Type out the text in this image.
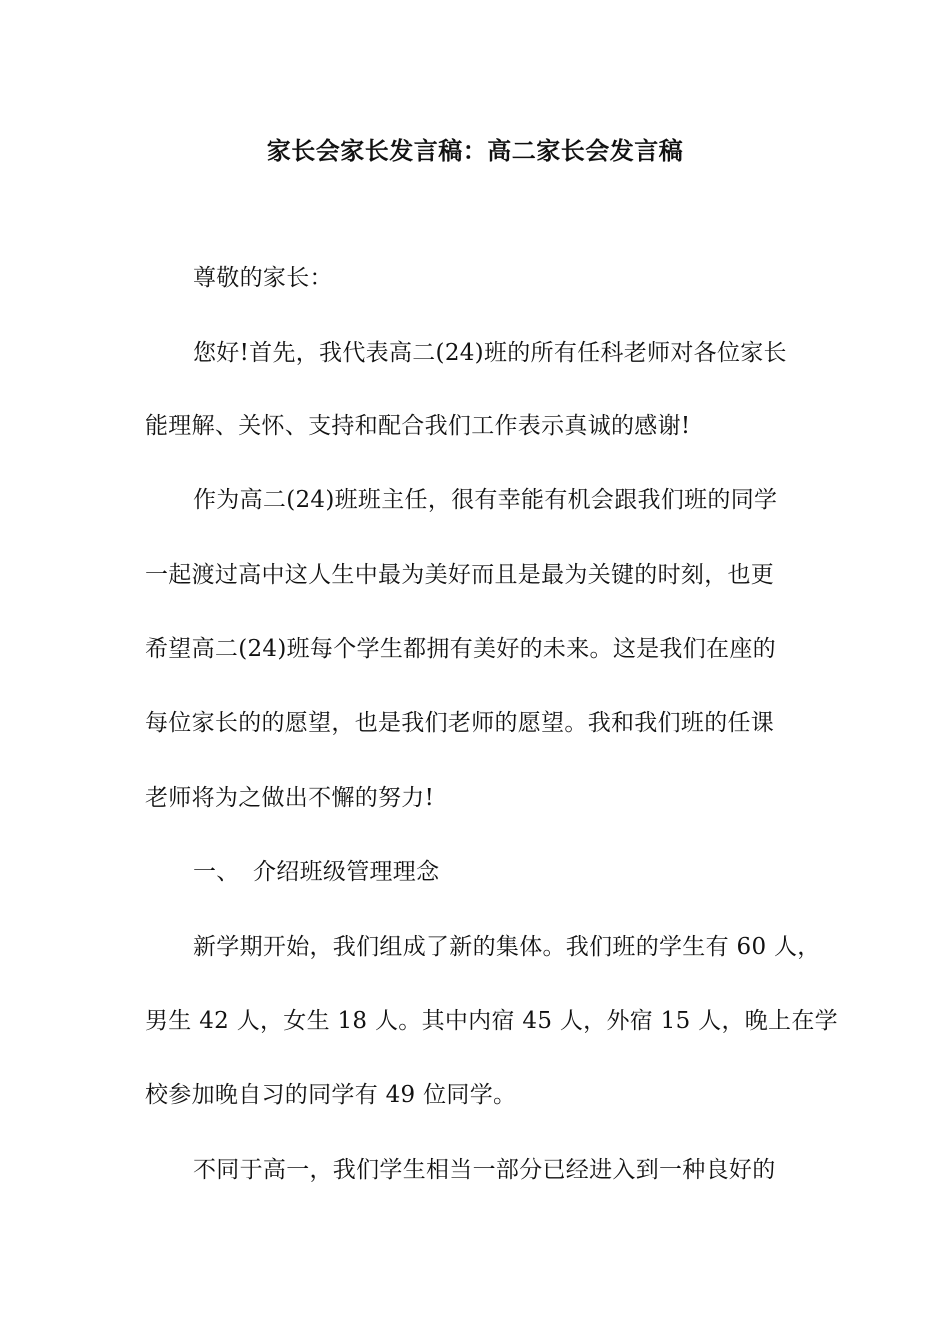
家长会家长发言稿：高二家长会发言稿
尊敬的家长：
您好!首先，我代表高二(24)班的所有任科老师对各位家长
能理解、关怀、支持和配合我们工作表示真诚的感谢!
作为高二(24)班班主任，很有幸能有机会跟我们班的同学
一起渡过高中这人生中最为美好而且是最为关键的时刻，也更
希望高二(24)班每个学生都拥有美好的未来。这是我们在座的
每位家长的的愿望，也是我们老师的愿望。我和我们班的任课
老师将为之做出不懈的努力!
一、 介绍班级管理理念
新学期开始，我们组成了新的集体。我们班的学生有 60 人，
男生 42 人，女生 18 人。其中内宿 45 人，外宿 15 人，晚上在学
校参加晚自习的同学有 49 位同学。
不同于高一，我们学生相当一部分已经进入到一种良好的
